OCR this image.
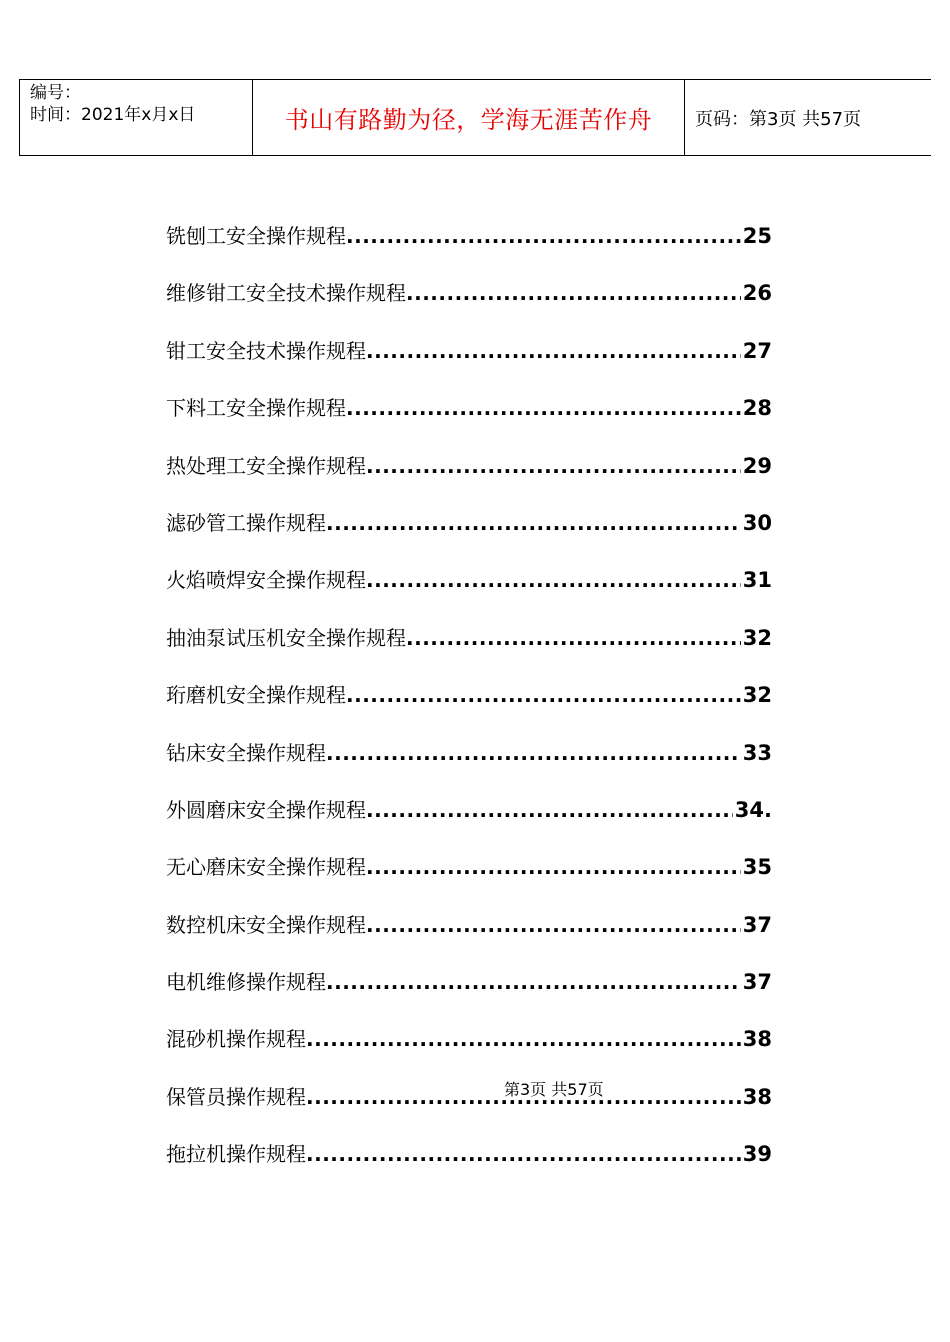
编号：
时间：2021年x月x日	书山有路勤为径，学海无涯苦作舟	页码：第3页 共57页
铣刨工安全操作规程 .....	25
维修钳工安全技术操作规程 .....	26
钳工安全技术操作规程 .....	27
下料工安全操作规程 .....	28
热处理工安全操作规程 .....	29
滤砂管工操作规程 .....	30
火焰喷焊安全操作规程 .....	31
抽油泵试压机安全操作规程 .....	32
珩磨机安全操作规程 .....	32
钻床安全操作规程 .....	33
外圆磨床安全操作规程 .....	34.
无心磨床安全操作规程 .....	35
数控机床安全操作规程 .....	37
电机维修操作规程 .....	37
混砂机操作规程 .....	38
保管员操作规程 .....	38
拖拉机操作规程 .....	39
第3页 共57页
